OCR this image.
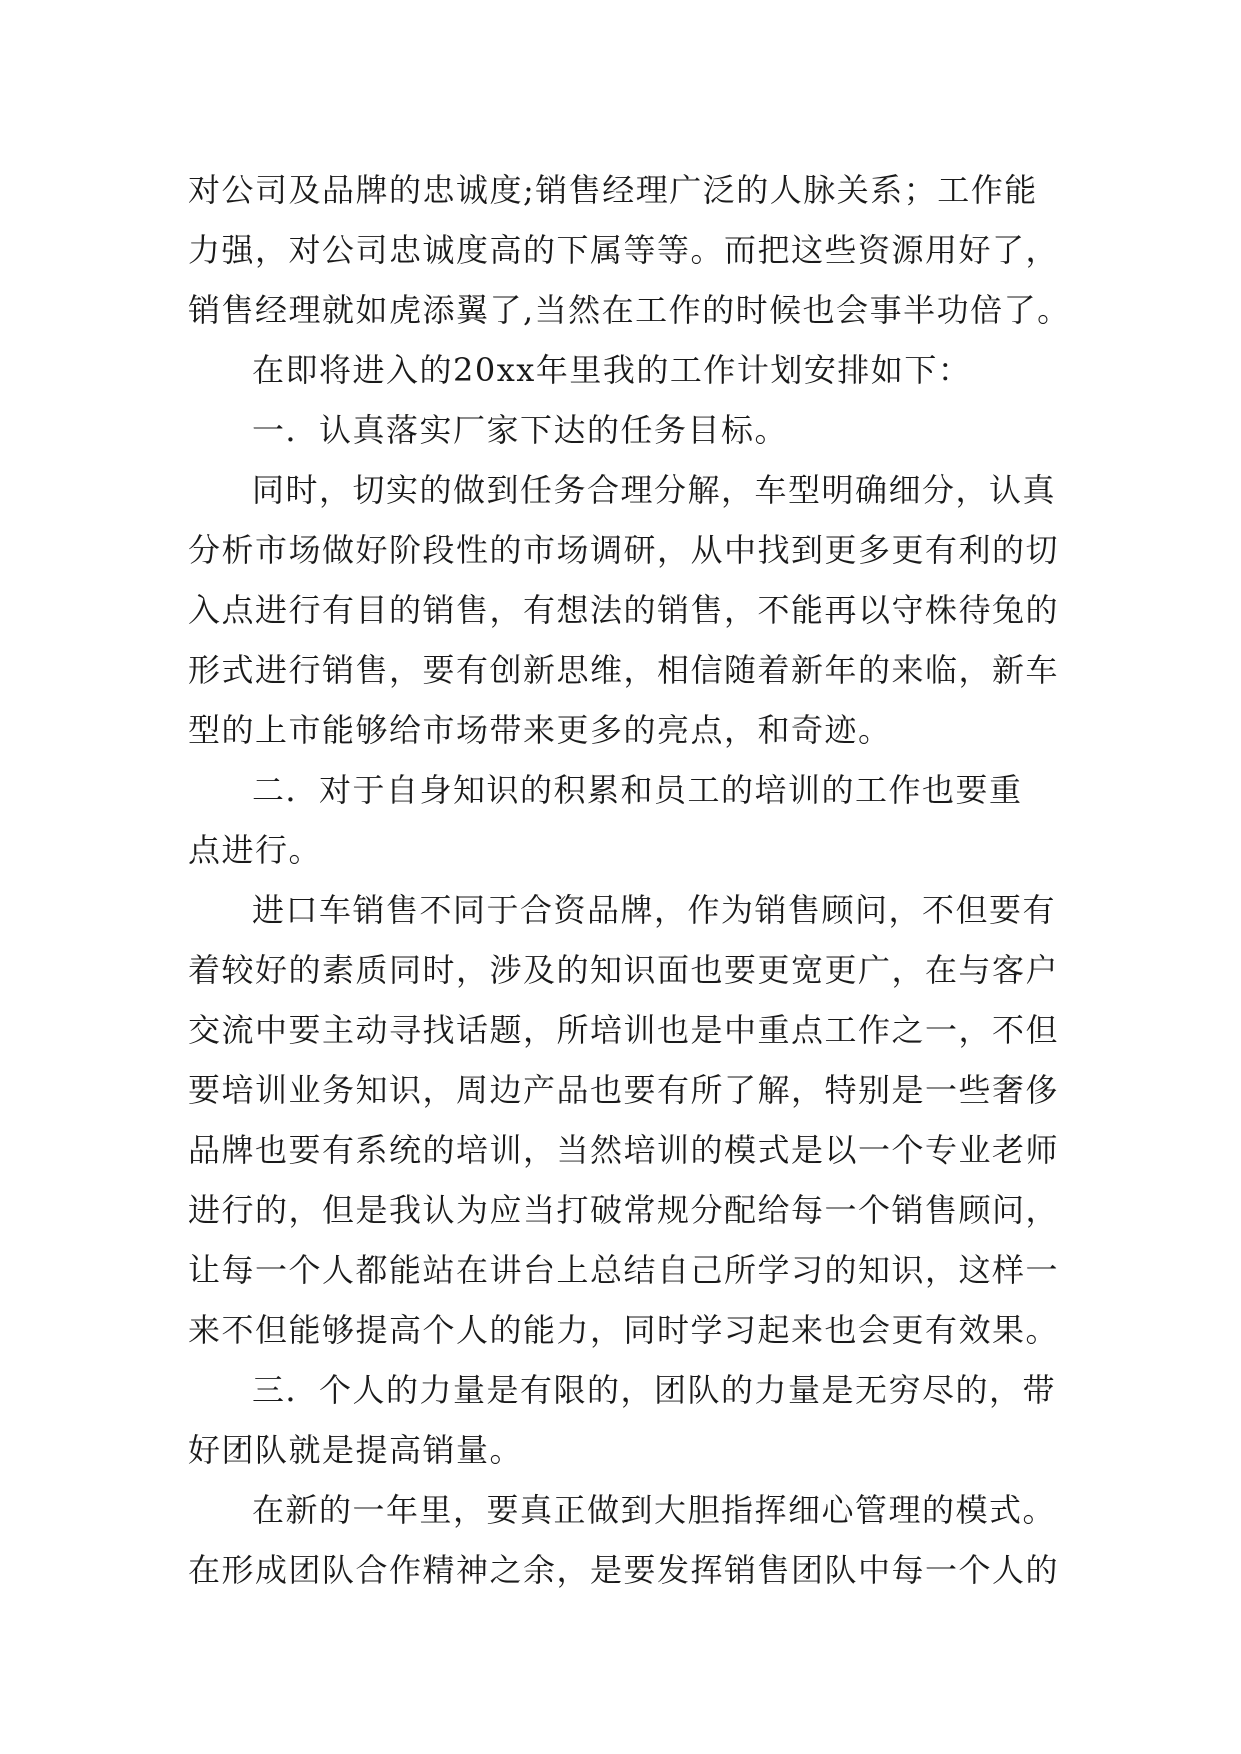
对公司及品牌的忠诚度;销售经理广泛的人脉关系；工作能
力强，对公司忠诚度高的下属等等。而把这些资源用好了，
销售经理就如虎添翼了,当然在工作的时候也会事半功倍了。
在即将进入的20xx年里我的工作计划安排如下：
一．认真落实厂家下达的任务目标。
同时，切实的做到任务合理分解，车型明确细分，认真
分析市场做好阶段性的市场调研，从中找到更多更有利的切
入点进行有目的销售，有想法的销售，不能再以守株待兔的
形式进行销售，要有创新思维，相信随着新年的来临，新车
型的上市能够给市场带来更多的亮点，和奇迹。
二．对于自身知识的积累和员工的培训的工作也要重
点进行。
进口车销售不同于合资品牌，作为销售顾问，不但要有
着较好的素质同时，涉及的知识面也要更宽更广，在与客户
交流中要主动寻找话题，所培训也是中重点工作之一，不但
要培训业务知识，周边产品也要有所了解，特别是一些奢侈
品牌也要有系统的培训，当然培训的模式是以一个专业老师
进行的，但是我认为应当打破常规分配给每一个销售顾问，
让每一个人都能站在讲台上总结自己所学习的知识，这样一
来不但能够提高个人的能力，同时学习起来也会更有效果。
三．个人的力量是有限的，团队的力量是无穷尽的，带
好团队就是提高销量。
在新的一年里，要真正做到大胆指挥细心管理的模式。
在形成团队合作精神之余，是要发挥销售团队中每一个人的
